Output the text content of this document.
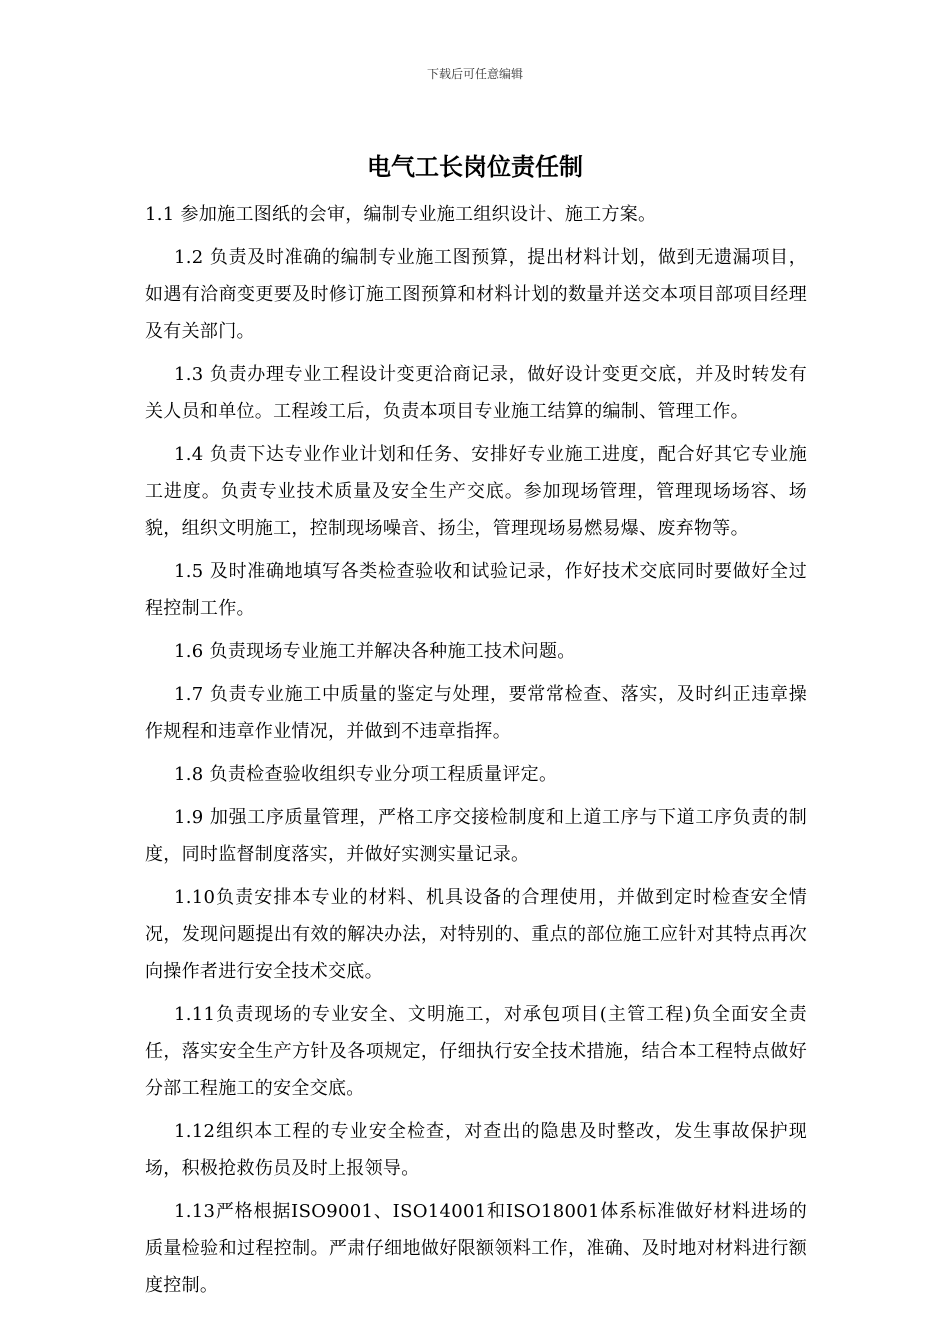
下载后可任意编辑
电气工长岗位责任制

1.1 参加施工图纸的会审，编制专业施工组织设计、施工方案。

1.2 负责及时准确的编制专业施工图预算，提出材料计划，做到无遗漏项目，如遇有洽商变更要及时修订施工图预算和材料计划的数量并送交本项目部项目经理及有关部门。

1.3 负责办理专业工程设计变更洽商记录，做好设计变更交底，并及时转发有关人员和单位。工程竣工后，负责本项目专业施工结算的编制、管理工作。

1.4 负责下达专业作业计划和任务、安排好专业施工进度，配合好其它专业施工进度。负责专业技术质量及安全生产交底。参加现场管理，管理现场场容、场貌，组织文明施工，控制现场噪音、扬尘，管理现场易燃易爆、废弃物等。

1.5 及时准确地填写各类检查验收和试验记录，作好技术交底同时要做好全过程控制工作。

1.6 负责现场专业施工并解决各种施工技术问题。

1.7 负责专业施工中质量的鉴定与处理，要常常检查、落实，及时纠正违章操作规程和违章作业情况，并做到不违章指挥。

1.8 负责检查验收组织专业分项工程质量评定。

1.9 加强工序质量管理，严格工序交接检制度和上道工序与下道工序负责的制度，同时监督制度落实，并做好实测实量记录。

1.10负责安排本专业的材料、机具设备的合理使用，并做到定时检查安全情况，发现问题提出有效的解决办法，对特别的、重点的部位施工应针对其特点再次向操作者进行安全技术交底。

1.11负责现场的专业安全、文明施工，对承包项目(主管工程)负全面安全责任，落实安全生产方针及各项规定，仔细执行安全技术措施，结合本工程特点做好分部工程施工的安全交底。

1.12组织本工程的专业安全检查，对查出的隐患及时整改，发生事故保护现场，积极抢救伤员及时上报领导。

1.13严格根据ISO9001、ISO14001和ISO18001体系标准做好材料进场的质量检验和过程控制。严肃仔细地做好限额领料工作，准确、及时地对材料进行额度控制。
